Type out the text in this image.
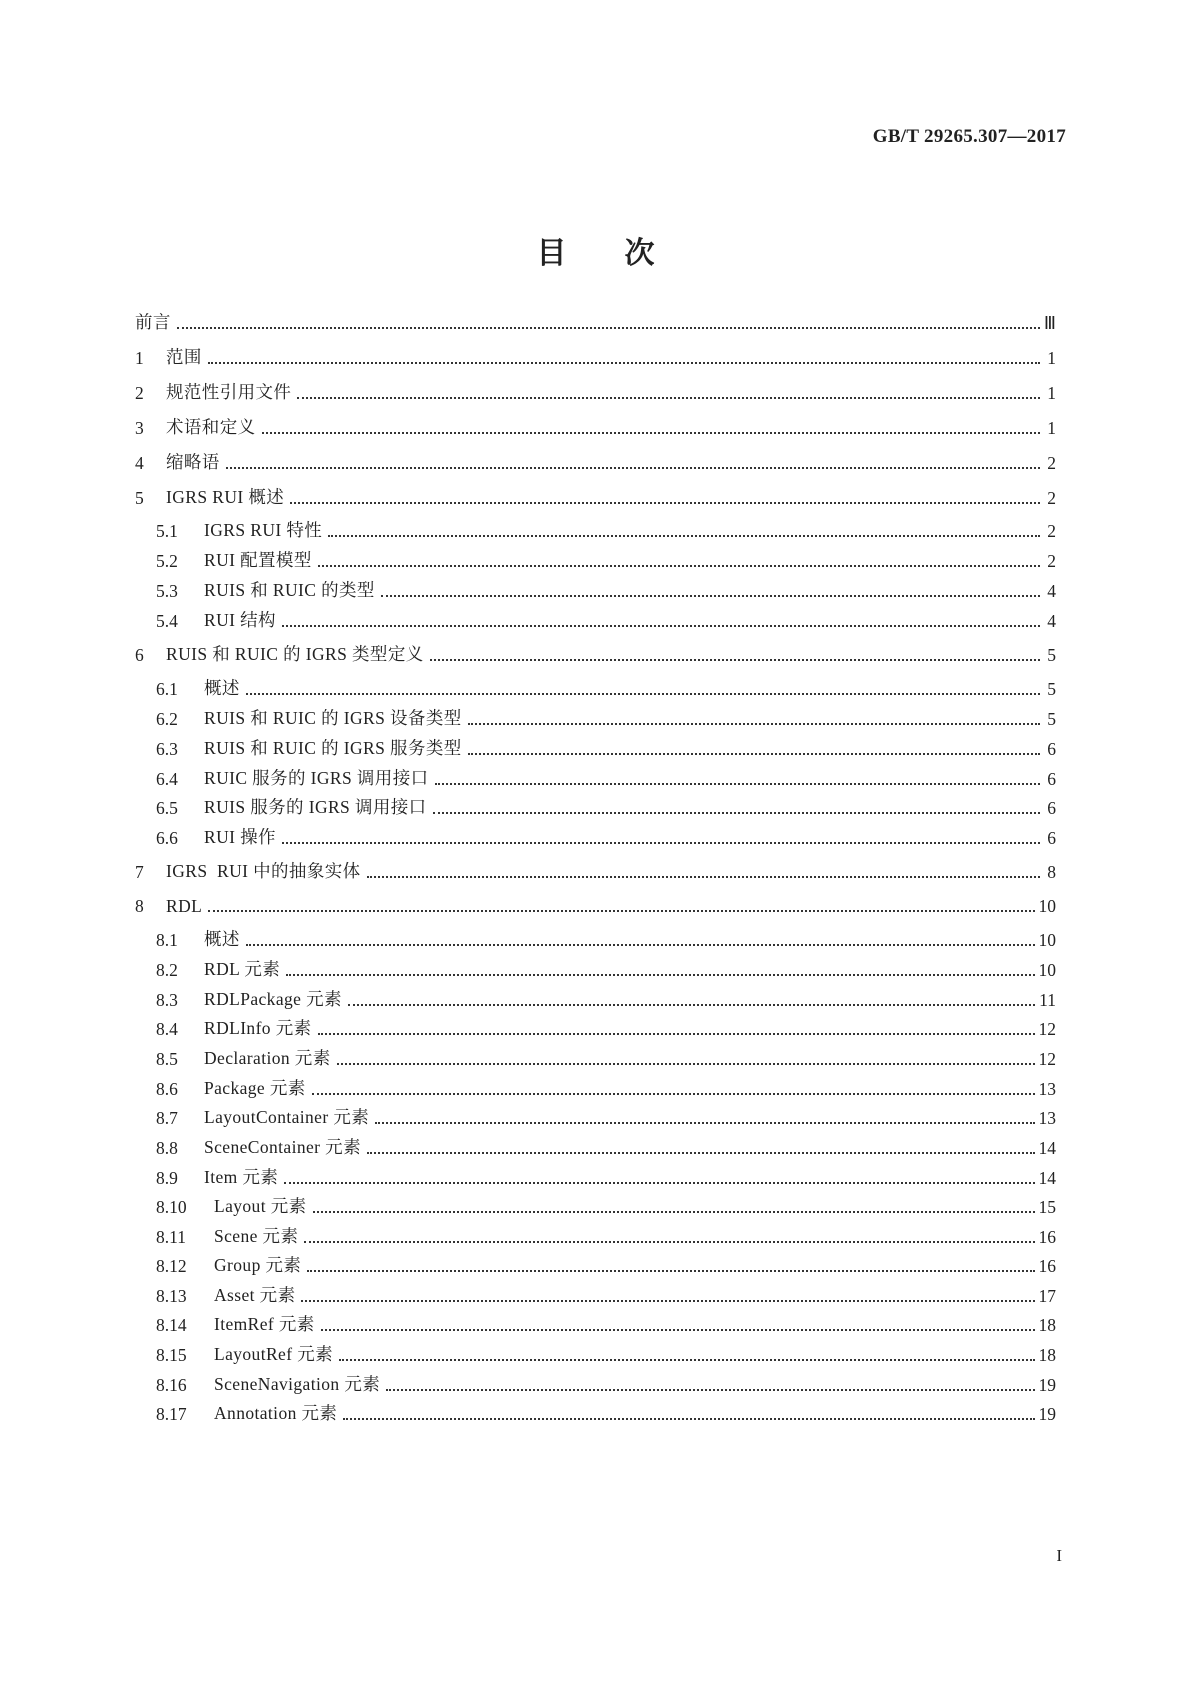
GB/T 29265.307—2017
目次
前言	Ⅲ
1	范围	1
2	规范性引用文件	1
3	术语和定义	1
4	缩略语	2
5	IGRS RUI 概述	2
5.1	IGRS RUI 特性	2
5.2	RUI 配置模型	2
5.3	RUIS 和 RUIC 的类型	4
5.4	RUI 结构	4
6	RUIS 和 RUIC 的 IGRS 类型定义	5
6.1	概述	5
6.2	RUIS 和 RUIC 的 IGRS 设备类型	5
6.3	RUIS 和 RUIC 的 IGRS 服务类型	6
6.4	RUIC 服务的 IGRS 调用接口	6
6.5	RUIS 服务的 IGRS 调用接口	6
6.6	RUI 操作	6
7	IGRS  RUI 中的抽象实体	8
8	RDL	10
8.1	概述	10
8.2	RDL 元素	10
8.3	RDLPackage 元素	11
8.4	RDLInfo 元素	12
8.5	Declaration 元素	12
8.6	Package 元素	13
8.7	LayoutContainer 元素	13
8.8	SceneContainer 元素	14
8.9	Item 元素	14
8.10	Layout 元素	15
8.11	Scene 元素	16
8.12	Group 元素	16
8.13	Asset 元素	17
8.14	ItemRef 元素	18
8.15	LayoutRef 元素	18
8.16	SceneNavigation 元素	19
8.17	Annotation 元素	19
I
